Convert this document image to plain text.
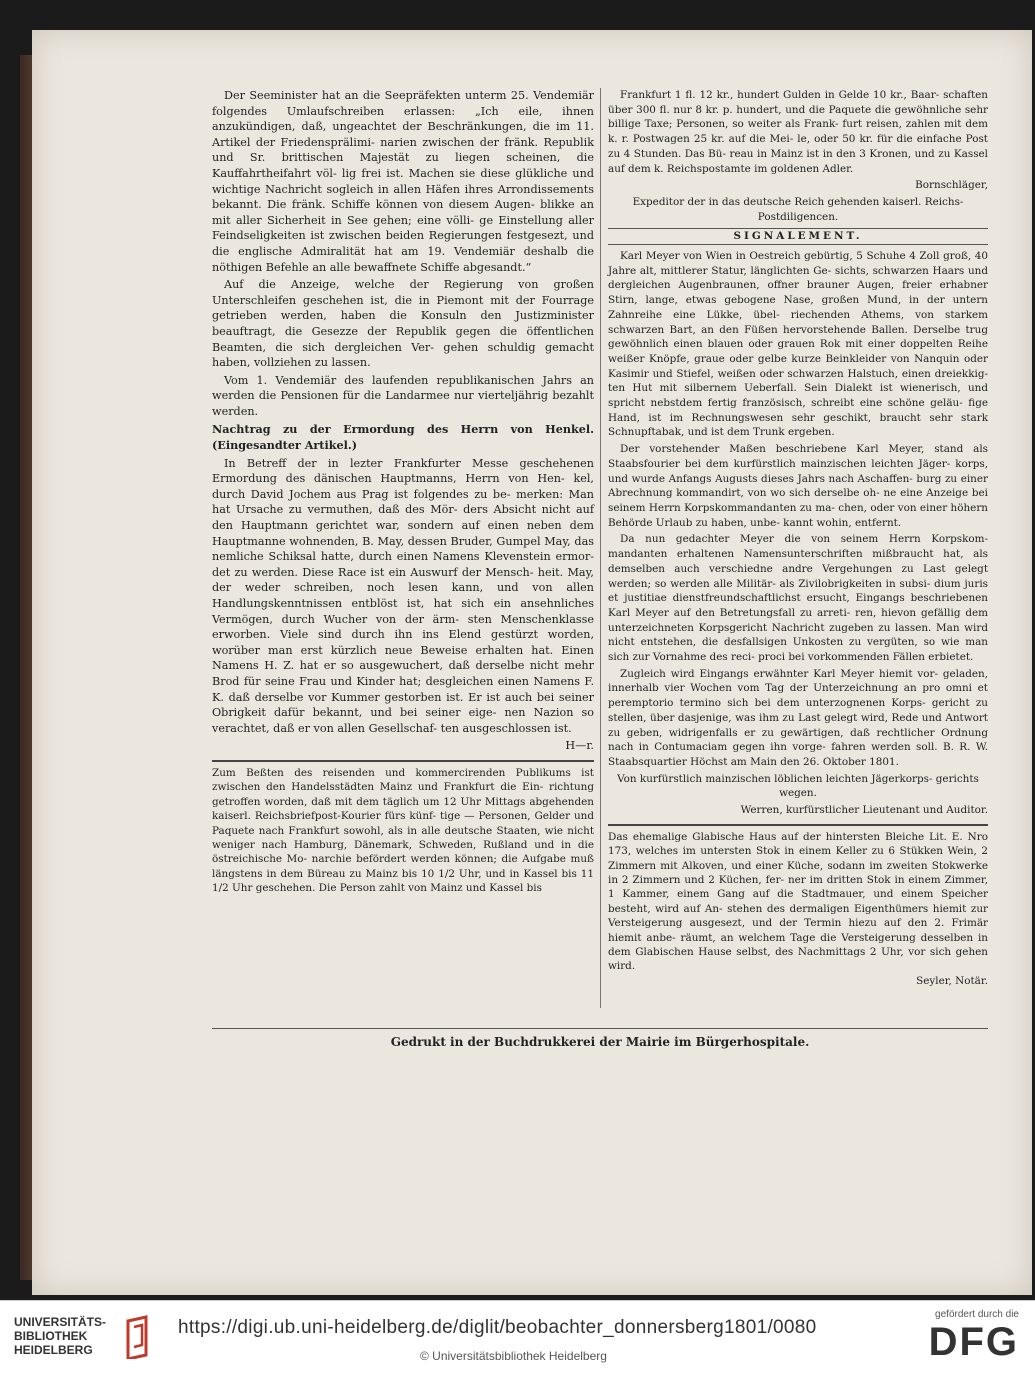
Der Seeminister hat an die Seepräfekten unterm 25. Vendemiär folgendes Umlaufschreiben erlassen: „Ich eile, ihnen anzukündigen, daß, ungeachtet der Beschränkungen, die im 11. Artikel der Friedensprälimi- narien zwischen der fränk. Republik und Sr. brittischen Majestät zu liegen scheinen, die Kauffahrtheifahrt völ- lig frei ist. Machen sie diese glükliche und wichtige Nachricht sogleich in allen Häfen ihres Arrondissements bekannt. Die fränk. Schiffe können von diesem Augen- blikke an mit aller Sicherheit in See gehen; eine völli- ge Einstellung aller Feindseligkeiten ist zwischen beiden Regierungen festgesezt, und die englische Admiralität hat am 19. Vendemiär deshalb die nöthigen Befehle an alle bewaffnete Schiffe abgesandt.“

Auf die Anzeige, welche der Regierung von großen Unterschleifen geschehen ist, die in Piemont mit der Fourrage getrieben werden, haben die Konsuln den Justizminister beauftragt, die Gesezze der Republik gegen die öffentlichen Beamten, die sich dergleichen Ver- gehen schuldig gemacht haben, vollziehen zu lassen.

Vom 1. Vendemiär des laufenden republikanischen Jahrs an werden die Pensionen für die Landarmee nur vierteljährig bezahlt werden.

Nachtrag zu der Ermordung des Herrn von Henkel. (Eingesandter Artikel.)

In Betreff der in lezter Frankfurter Messe geschehenen Ermordung des dänischen Hauptmanns, Herrn von Hen- kel, durch David Jochem aus Prag ist folgendes zu be- merken: Man hat Ursache zu vermuthen, daß des Mör- ders Absicht nicht auf den Hauptmann gerichtet war, sondern auf einen neben dem Hauptmanne wohnenden, B. May, dessen Bruder, Gumpel May, das nemliche Schiksal hatte, durch einen Namens Klevenstein ermor- det zu werden. Diese Race ist ein Auswurf der Mensch- heit. May, der weder schreiben, noch lesen kann, und von allen Handlungskenntnissen entblöst ist, hat sich ein ansehnliches Vermögen, durch Wucher von der ärm- sten Menschenklasse erworben. Viele sind durch ihn ins Elend gestürzt worden, worüber man erst kürzlich neue Beweise erhalten hat. Einen Namens H. Z. hat er so ausgewuchert, daß derselbe nicht mehr Brod für seine Frau und Kinder hat; desgleichen einen Namens F. K. daß derselbe vor Kummer gestorben ist. Er ist auch bei seiner Obrigkeit dafür bekannt, und bei seiner eige- nen Nazion so verachtet, daß er von allen Gesellschaf- ten ausgeschlossen ist.

H—r.

Zum Beßten des reisenden und kommercirenden Publikums ist zwischen den Handelsstädten Mainz und Frankfurt die Ein- richtung getroffen worden, daß mit dem täglich um 12 Uhr Mittags abgehenden kaiserl. Reichsbriefpost-Kourier fürs künf- tige — Personen, Gelder und Paquete nach Frankfurt sowohl, als in alle deutsche Staaten, wie nicht weniger nach Hamburg, Dänemark, Schweden, Rußland und in die östreichische Mo- narchie befördert werden können; die Aufgabe muß längstens in dem Büreau zu Mainz bis 10 1/2 Uhr, und in Kassel bis 11 1/2 Uhr geschehen. Die Person zahlt von Mainz und Kassel bis

Frankfurt 1 fl. 12 kr., hundert Gulden in Gelde 10 kr., Baar- schaften über 300 fl. nur 8 kr. p. hundert, und die Paquete die gewöhnliche sehr billige Taxe; Personen, so weiter als Frank- furt reisen, zahlen mit dem k. r. Postwagen 25 kr. auf die Mei- le, oder 50 kr. für die einfache Post zu 4 Stunden. Das Bü- reau in Mainz ist in den 3 Kronen, und zu Kassel auf dem k. Reichspostamte im goldenen Adler.

Bornschläger,

Expeditor der in das deutsche Reich gehenden kaiserl. Reichs-Postdiligencen.

SIGNALEMENT.

Karl Meyer von Wien in Oestreich gebürtig, 5 Schuhe 4 Zoll groß, 40 Jahre alt, mittlerer Statur, länglichten Ge- sichts, schwarzen Haars und dergleichen Augenbraunen, offner brauner Augen, freier erhabner Stirn, lange, etwas gebogene Nase, großen Mund, in der untern Zahnreihe eine Lükke, übel- riechenden Athems, von starkem schwarzen Bart, an den Füßen hervorstehende Ballen. Derselbe trug gewöhnlich einen blauen oder grauen Rok mit einer doppelten Reihe weißer Knöpfe, graue oder gelbe kurze Beinkleider von Nanquin oder Kasimir und Stiefel, weißen oder schwarzen Halstuch, einen dreiekkig- ten Hut mit silbernem Ueberfall. Sein Dialekt ist wienerisch, und spricht nebstdem fertig französisch, schreibt eine schöne geläu- fige Hand, ist im Rechnungswesen sehr geschikt, braucht sehr stark Schnupftabak, und ist dem Trunk ergeben.

Der vorstehender Maßen beschriebene Karl Meyer, stand als Staabsfourier bei dem kurfürstlich mainzischen leichten Jäger- korps, und wurde Anfangs Augusts dieses Jahrs nach Aschaffen- burg zu einer Abrechnung kommandirt, von wo sich derselbe oh- ne eine Anzeige bei seinem Herrn Korpskommandanten zu ma- chen, oder von einer höhern Behörde Urlaub zu haben, unbe- kannt wohin, entfernt.

Da nun gedachter Meyer die von seinem Herrn Korpskom- mandanten erhaltenen Namensunterschriften mißbraucht hat, als demselben auch verschiedne andre Vergehungen zu Last gelegt werden; so werden alle Militär- als Zivilobrigkeiten in subsi- dium juris et justitiae dienstfreundschaftlichst ersucht, Eingangs beschriebenen Karl Meyer auf den Betretungsfall zu arreti- ren, hievon gefällig dem unterzeichneten Korpsgericht Nachricht zugeben zu lassen. Man wird nicht entstehen, die desfallsigen Unkosten zu vergüten, so wie man sich zur Vornahme des reci- proci bei vorkommenden Fällen erbietet.

Zugleich wird Eingangs erwähnter Karl Meyer hiemit vor- geladen, innerhalb vier Wochen vom Tag der Unterzeichnung an pro omni et peremptorio termino sich bei dem unterzognenen Korps- gericht zu stellen, über dasjenige, was ihm zu Last gelegt wird, Rede und Antwort zu geben, widrigenfalls er zu gewärtigen, daß rechtlicher Ordnung nach in Contumaciam gegen ihn vorge- fahren werden soll. B. R. W. Staabsquartier Höchst am Main den 26. Oktober 1801.

Von kurfürstlich mainzischen löblichen leichten Jägerkorps- gerichts wegen.

Werren, kurfürstlicher Lieutenant und Auditor.

Das ehemalige Glabische Haus auf der hintersten Bleiche Lit. E. Nro 173, welches im untersten Stok in einem Keller zu 6 Stükken Wein, 2 Zimmern mit Alkoven, und einer Küche, sodann im zweiten Stokwerke in 2 Zimmern und 2 Küchen, fer- ner im dritten Stok in einem Zimmer, 1 Kammer, einem Gang auf die Stadtmauer, und einem Speicher besteht, wird auf An- stehen des dermaligen Eigenthümers hiemit zur Versteigerung ausgesezt, und der Termin hiezu auf den 2. Frimär hiemit anbe- räumt, an welchem Tage die Versteigerung desselben in dem Glabischen Hause selbst, des Nachmittags 2 Uhr, vor sich gehen wird.

Seyler, Notär.

Gedrukt in der Buchdrukkerei der Mairie im Bürgerhospitale.
UNIVERSITÄTS-
BIBLIOTHEK
HEIDELBERG
https://digi.ub.uni-heidelberg.de/diglit/beobachter_donnersberg1801/0080
© Universitätsbibliothek Heidelberg
gefördert durch die
DFG
